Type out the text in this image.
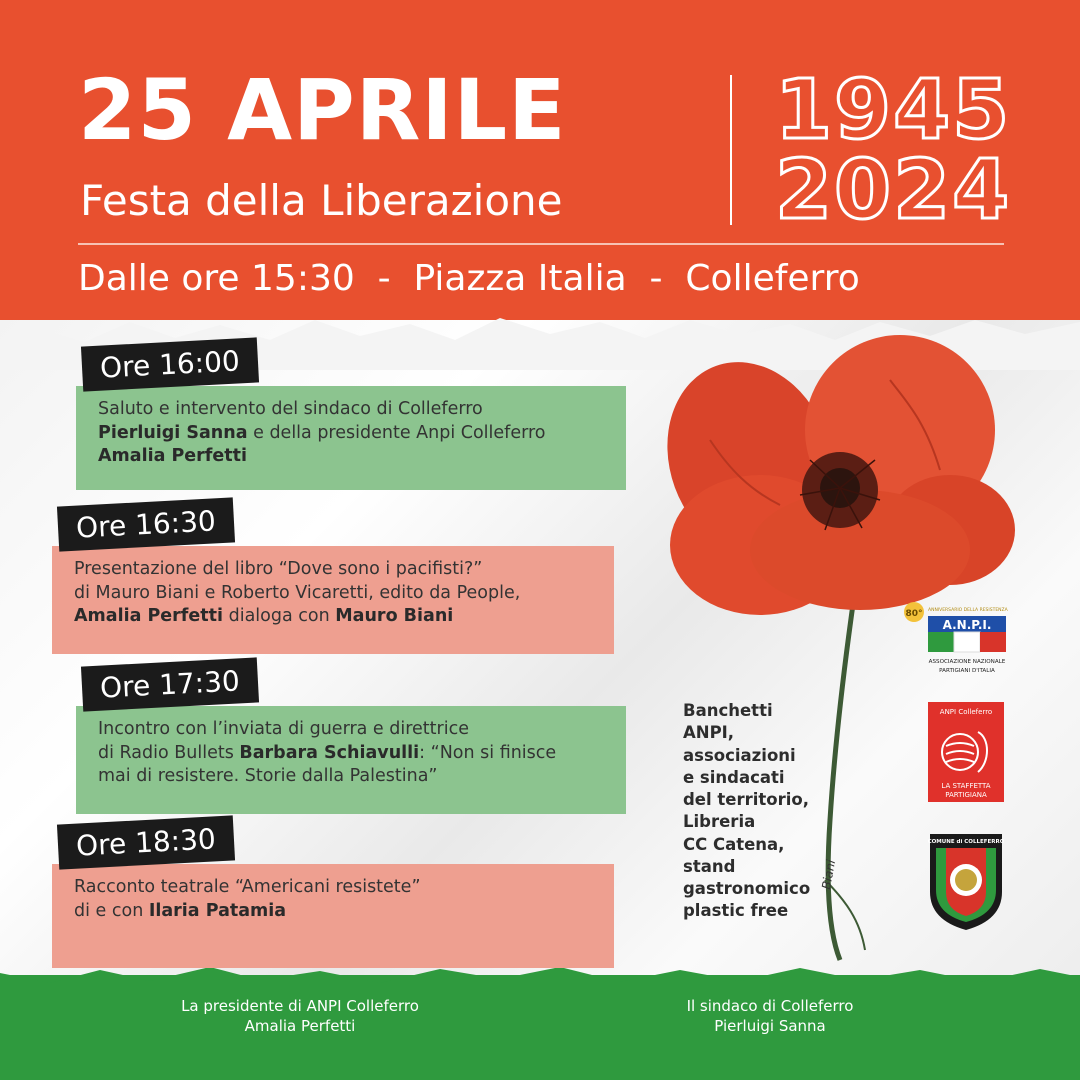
25 APRILE
Festa della Liberazione
1945
2024
Dalle ore 15:30  -  Piazza Italia  -  Colleferro
Ore 16:00
Saluto e intervento del sindaco di Colleferro
Pierluigi Sanna e della presidente Anpi Colleferro
Amalia Perfetti
Ore 16:30
Presentazione del libro “Dove sono i pacifisti?”
di Mauro Biani e Roberto Vicaretti, edito da People,
Amalia Perfetti dialoga con Mauro Biani
Ore 17:30
Incontro con l’inviata di guerra e direttrice
di Radio Bullets Barbara Schiavulli: “Non si finisce
mai di resistere. Storie dalla Palestina”
Ore 18:30
Racconto teatrale “Americani resistete”
di e con Ilaria Patamia
Biani
Banchetti ANPI,
associazioni
e sindacati
del territorio,
Libreria
CC Catena,
stand
gastronomico
plastic free
80° ANNIVERSARIO DELLA RESISTENZA
A.N.P.I.
ASSOCIAZIONE NAZIONALE
PARTIGIANI D'ITALIA
ANPI Colleferro
LA STAFFETTA
PARTIGIANA
COMUNE di COLLEFERRO
La presidente di ANPI Colleferro
Amalia Perfetti
Il sindaco di Colleferro
Pierluigi Sanna
